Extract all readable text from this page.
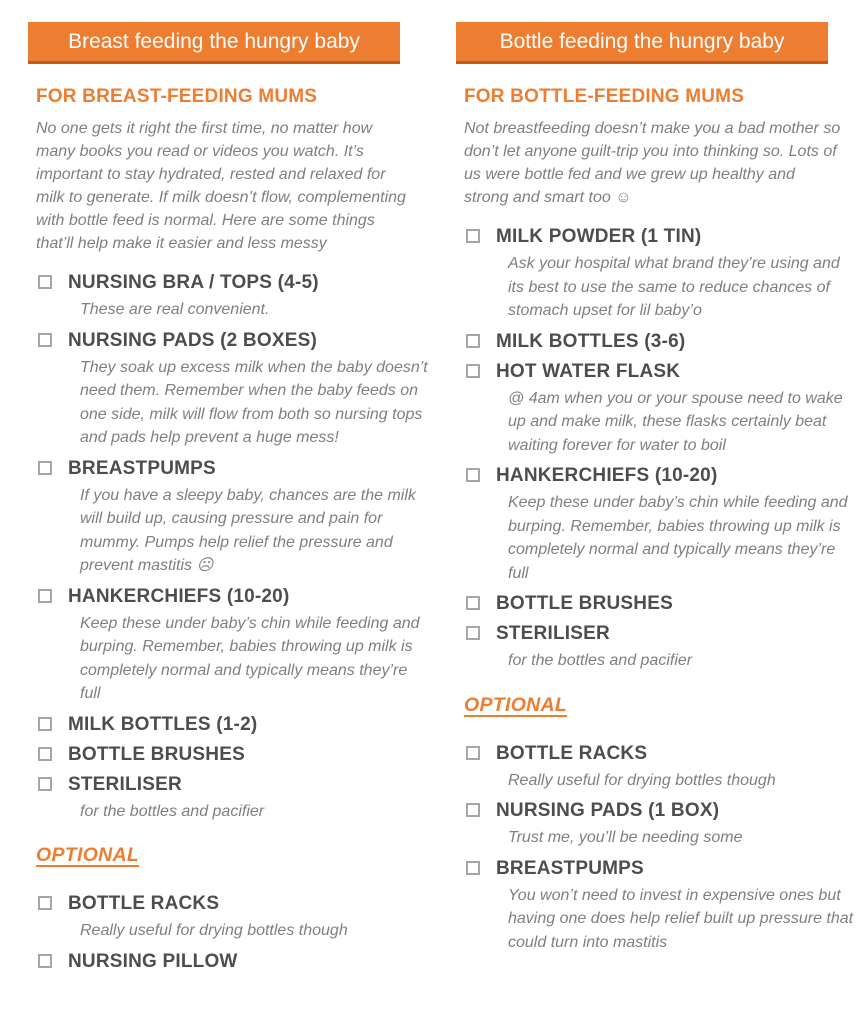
Breast feeding the hungry baby
FOR BREAST-FEEDING MUMS
No one gets it right the first time, no matter how many books you read or videos you watch. It’s important to stay hydrated, rested and relaxed for milk to generate. If milk doesn’t flow, complementing with bottle feed is normal. Here are some things that’ll help make it easier and less messy
NURSING BRA / TOPS (4-5)
These are real convenient.
NURSING PADS (2 BOXES)
They soak up excess milk when the baby doesn’t need them. Remember when the baby feeds on one side, milk will flow from both so nursing tops and pads help prevent a huge mess!
BREASTPUMPS
If you have a sleepy baby, chances are the milk will build up, causing pressure and pain for mummy. Pumps help relief the pressure and prevent mastitis ☹
HANKERCHIEFS (10-20)
Keep these under baby’s chin while feeding and burping. Remember, babies throwing up milk is completely normal and typically means they’re full
MILK BOTTLES (1-2)
BOTTLE BRUSHES
STERILISER
for the bottles and pacifier
OPTIONAL
BOTTLE RACKS
Really useful for drying bottles though
NURSING PILLOW
Bottle feeding the hungry baby
FOR BOTTLE-FEEDING MUMS
Not breastfeeding doesn’t make you a bad mother so don’t let anyone guilt-trip you into thinking so. Lots of us were bottle fed and we grew up healthy and strong and smart too ☺
MILK POWDER (1 TIN)
Ask your hospital what brand they’re using and its best to use the same to reduce chances of stomach upset for lil baby’o
MILK BOTTLES (3-6)
HOT WATER FLASK
@ 4am when you or your spouse need to wake up and make milk, these flasks certainly beat waiting forever for water to boil
HANKERCHIEFS (10-20)
Keep these under baby’s chin while feeding and burping. Remember, babies throwing up milk is completely normal and typically means they’re full
BOTTLE BRUSHES
STERILISER
for the bottles and pacifier
OPTIONAL
BOTTLE RACKS
Really useful for drying bottles though
NURSING PADS (1 BOX)
Trust me, you’ll be needing some
BREASTPUMPS
You won’t need to invest in expensive ones but having one does help relief built up pressure that could turn into mastitis
